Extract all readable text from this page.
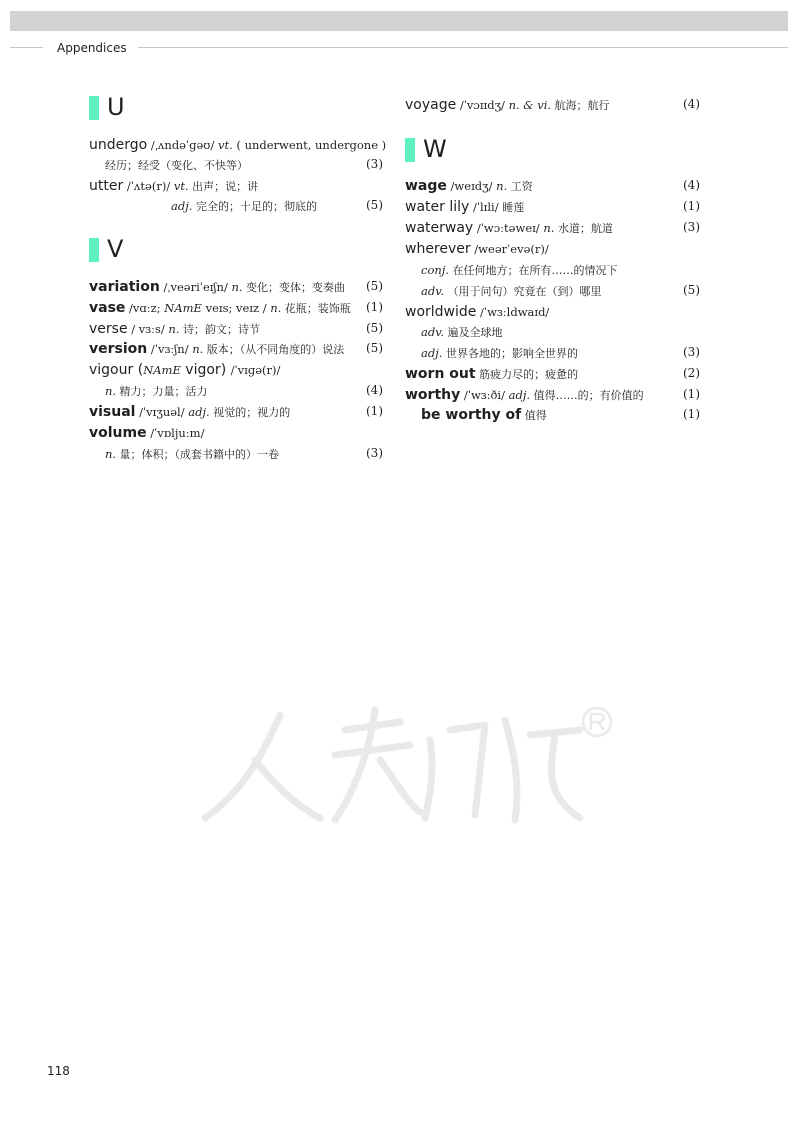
Appendices
U
undergo /ˌʌndəˈɡəʊ/ vt. ( underwent, undergone )
经历；经受（变化、不快等）	(3)
utter /ˈʌtə(r)/ vt. 出声；说；讲
adj. 完全的；十足的；彻底的	(5)
V
variation /ˌveəriˈeɪʃn/ n. 变化；变体；变奏曲 (5)
vase /vɑːz; NAmE veɪs; veɪz / n. 花瓶；装饰瓶 (1)
verse / vɜːs/ n. 诗；韵文；诗节	(5)
version /ˈvɜːʃn/ n. 版本；（从不同角度的）说法 (5)
vigour (NAmE vigor) /ˈvɪɡə(r)/
n. 精力；力量；活力	(4)
visual /ˈvɪʒuəl/ adj. 视觉的；视力的	(1)
volume /ˈvɒljuːm/
n. 量；体积；（成套书籍中的）一卷	(3)
voyage /ˈvɔɪɪdʒ/ n. & vi. 航海；航行	(4)
W
wage /weɪdʒ/ n. 工资	(4)
water lily /ˈlɪli/ 睡莲	(1)
waterway /ˈwɔːtəweɪ/ n. 水道；航道	(3)
wherever /weərˈevə(r)/
conj. 在任何地方；在所有……的情况下
adv. （用于问句）究竟在（到）哪里	(5)
worldwide /ˈwɜːldwaɪd/
adv. 遍及全球地
adj. 世界各地的；影响全世界的	(3)
worn out 筋疲力尽的；疲惫的	(2)
worthy /ˈwɜːði/ adj. 值得……的；有价值的	(1)
be worthy of 值得	(1)
118
